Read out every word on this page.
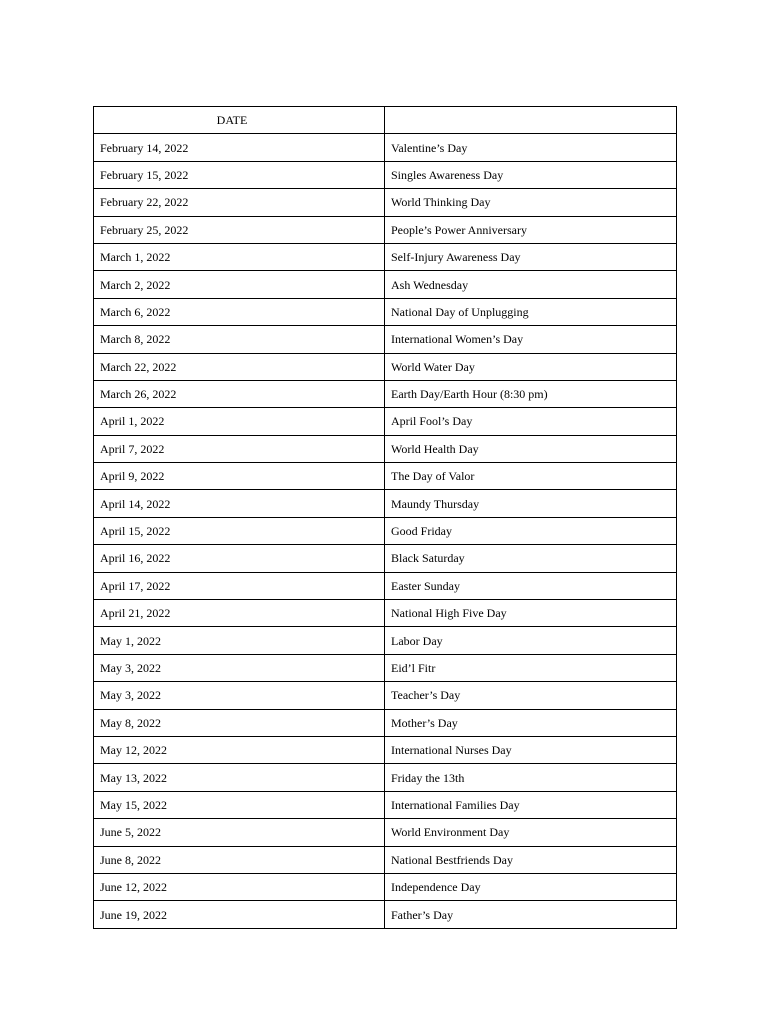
DATE	
February 14, 2022	Valentine’s Day
February 15, 2022	Singles Awareness Day
February 22, 2022	World Thinking Day
February 25, 2022	People’s Power Anniversary
March 1, 2022	Self-Injury Awareness Day
March 2, 2022	Ash Wednesday
March 6, 2022	National Day of Unplugging
March 8, 2022	International Women’s Day
March 22, 2022	World Water Day
March 26, 2022	Earth Day/Earth Hour (8:30 pm)
April 1, 2022	April Fool’s Day
April 7, 2022	World Health Day
April 9, 2022	The Day of Valor
April 14, 2022	Maundy Thursday
April 15, 2022	Good Friday
April 16, 2022	Black Saturday
April 17, 2022	Easter Sunday
April 21, 2022	National High Five Day
May 1, 2022	Labor Day
May 3, 2022	Eid’l Fitr
May 3, 2022	Teacher’s Day
May 8, 2022	Mother’s Day
May 12, 2022	International Nurses Day
May 13, 2022	Friday the 13th
May 15, 2022	International Families Day
June 5, 2022	World Environment Day
June 8, 2022	National Bestfriends Day
June 12, 2022	Independence Day
June 19, 2022	Father’s Day
